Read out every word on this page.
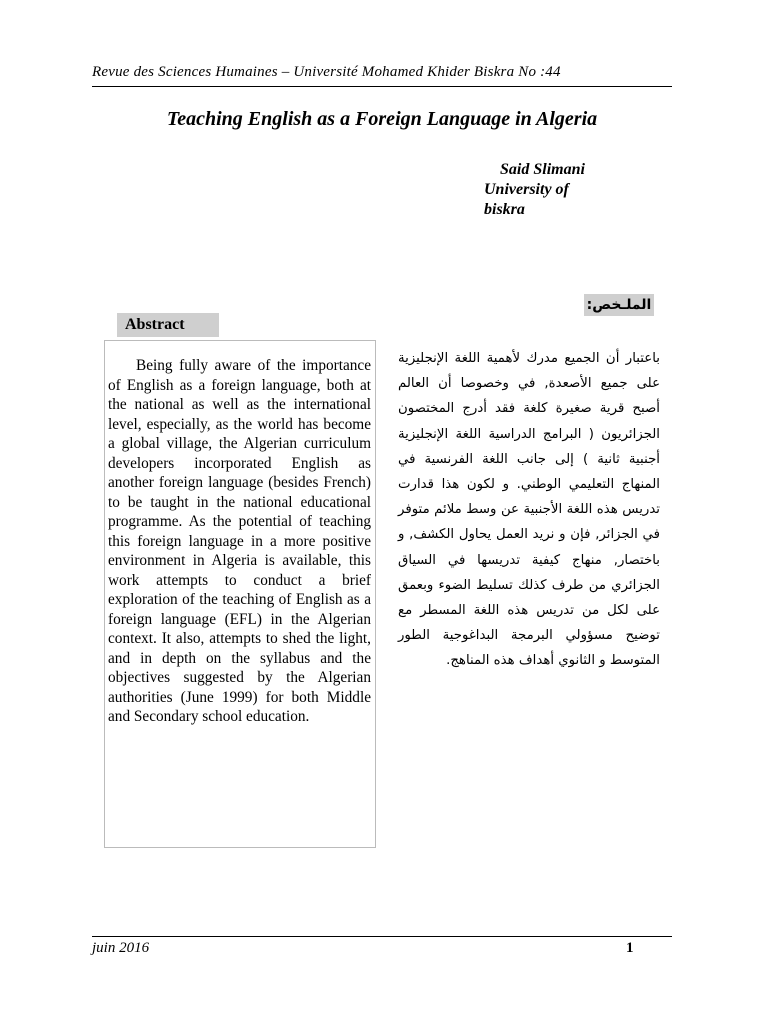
Revue des Sciences Humaines – Université Mohamed Khider Biskra No :44
Teaching English as a Foreign Language in Algeria
Said Slimani
University of
biskra
الملـخص:
Abstract
Being fully aware of the importance of English as a foreign language, both at the national as well as the international level, especially, as the world has become a global village, the Algerian curriculum developers incorporated English as another foreign language (besides French) to be taught in the national educational programme. As the potential of teaching this foreign language in a more positive environment in Algeria is available, this work attempts to conduct a brief exploration of the teaching of English as a foreign language (EFL) in the Algerian context. It also, attempts to shed the light, and in depth on the syllabus and the objectives suggested by the Algerian authorities (June 1999) for both Middle and Secondary school education.
باعتبار أن الجميع مدرك لأهمية اللغة الإنجليزية على جميع الأصعدة, في وخصوصا أن العالم أصبح قرية صغيرة كلغة فقد أدرج المختصون الجزائريون ( البرامج الدراسية اللغة الإنجليزية أجنبية ثانية ) إلى جانب اللغة الفرنسية في المنهاج التعليمي الوطني. و لكون هذا قدارت تدريس هذه اللغة الأجنبية عن وسط ملائم متوفر في الجزائر, فإن و نريد العمل يحاول الكشف, و باختصار, منهاج كيفية تدريسها في السياق الجزائري من طرف كذلك تسليط الضوء وبعمق على لكل من تدريس هذه اللغة المسطر مع توضيح مسؤولي البرمجة البداغوجية الطور المتوسط و الثانوي أهداف هذه المناهج.
juin 2016	1
